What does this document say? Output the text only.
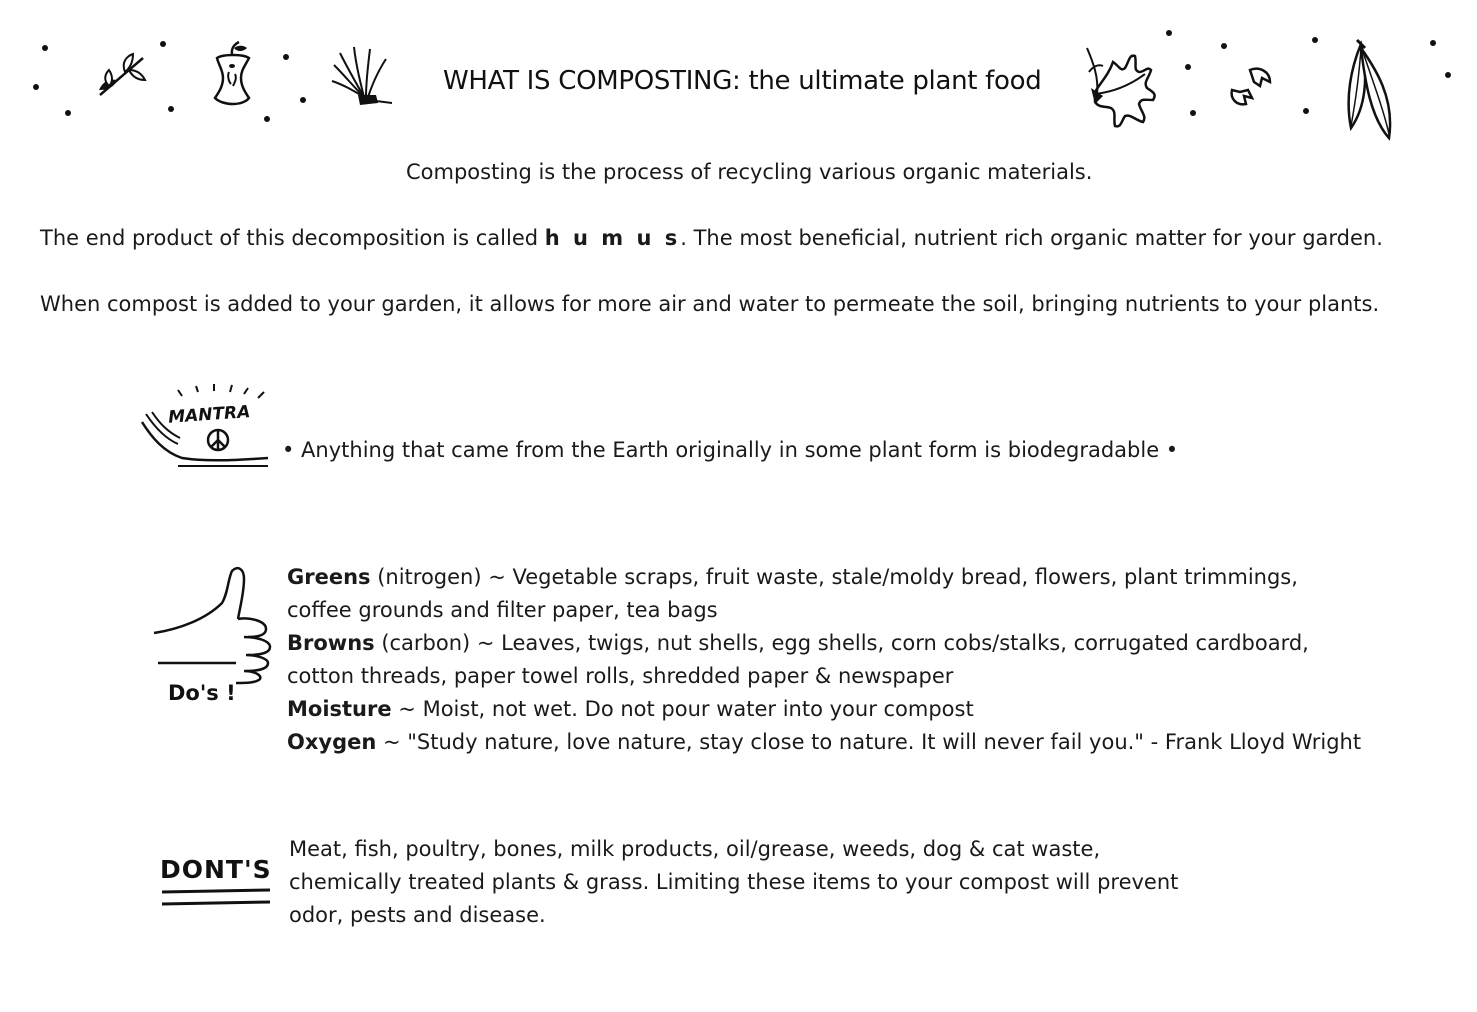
WHAT IS COMPOSTING: the ultimate plant food
Composting is the process of recycling various organic materials.
The end product of this decomposition is called h u m u s. The most beneficial, nutrient rich organic matter for your garden.
When compost is added to your garden, it allows for more air and water to permeate the soil, bringing nutrients to your plants.
MANTRA
• Anything that came from the Earth originally in some plant form is biodegradable •
Do's !
Greens (nitrogen) ~ Vegetable scraps, fruit waste, stale/moldy bread, flowers, plant trimmings,
coffee grounds and filter paper, tea bags
Browns (carbon) ~ Leaves, twigs, nut shells, egg shells, corn cobs/stalks, corrugated cardboard,
cotton threads, paper towel rolls, shredded paper & newspaper
Moisture ~ Moist, not wet. Do not pour water into your compost
Oxygen ~ "Study nature, love nature, stay close to nature. It will never fail you." - Frank Lloyd Wright
DONT'S
Meat, fish, poultry, bones, milk products, oil/grease, weeds, dog & cat waste,
chemically treated plants & grass. Limiting these items to your compost will prevent
odor, pests and disease.
